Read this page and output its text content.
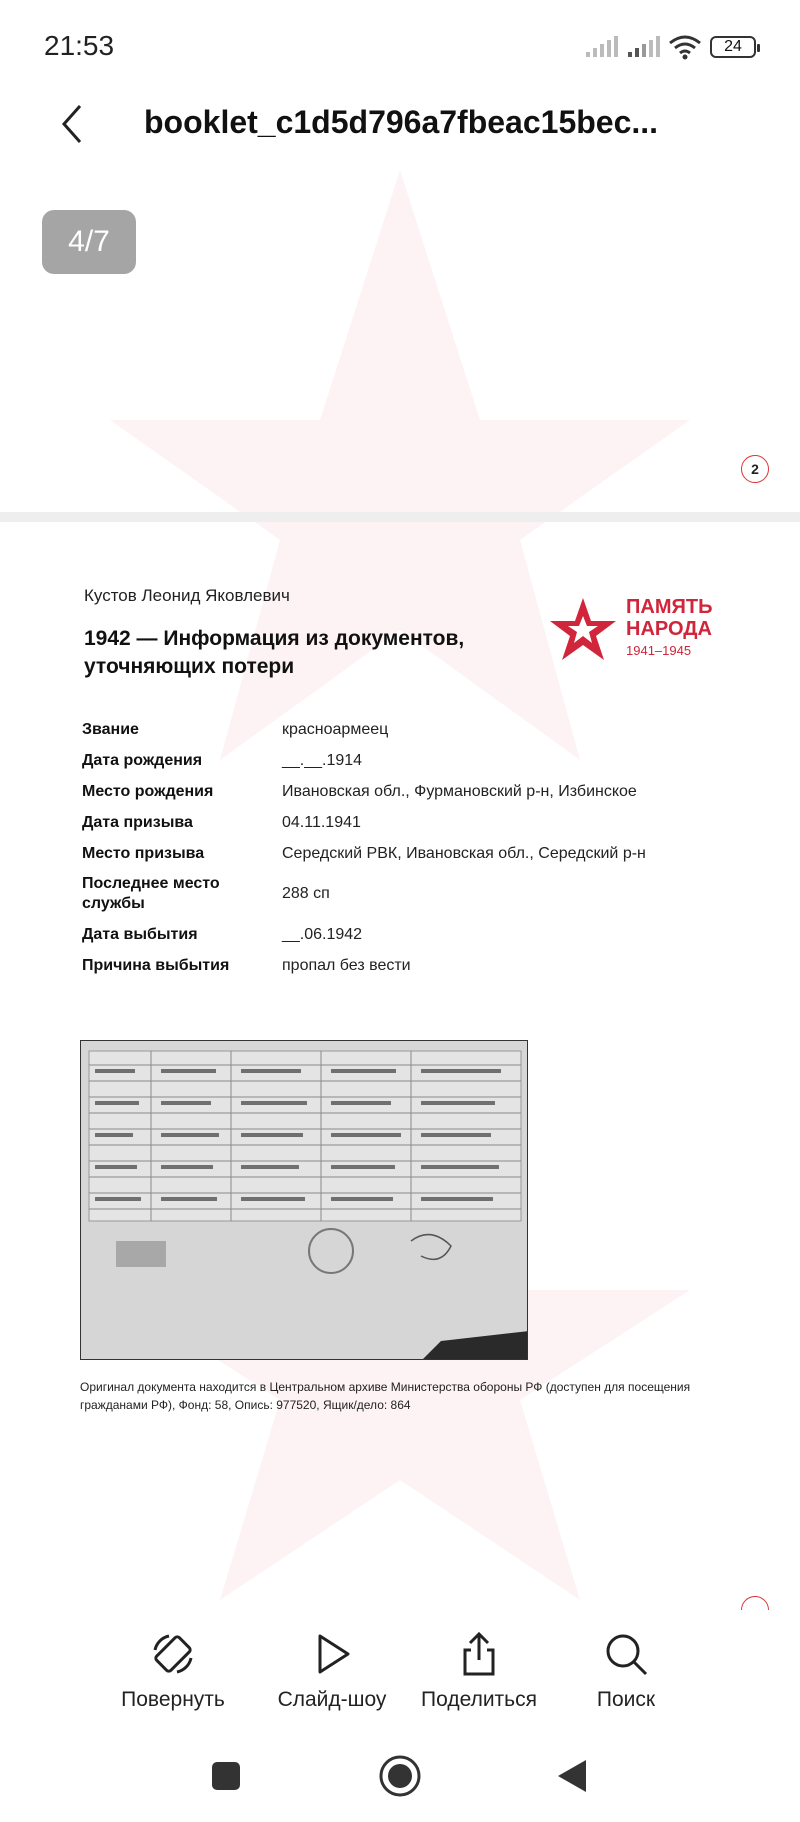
21:53	24
booklet_c1d5d796a7fbeac15bec...
4/7
2
Кустов Леонид Яковлевич
1942 — Информация из документов, уточняющих потери
ПАМЯТЬ
НАРОДА
1941–1945
Звание	красноармеец
Дата рождения	__.__.1914
Место рождения	Ивановская обл., Фурмановский р-н, Избинское
Дата призыва	04.11.1941
Место призыва	Середский РВК, Ивановская обл., Середский р-н
Последнее место службы	288 сп
Дата выбытия	__.06.1942
Причина выбытия	пропал без вести
Оригинал документа находится в Центральном архиве Министерства обороны РФ (доступен для посещения гражданами РФ), Фонд: 58, Опись: 977520, Ящик/дело: 864
Повернуть	Слайд-шоу	Поделиться	Поиск
